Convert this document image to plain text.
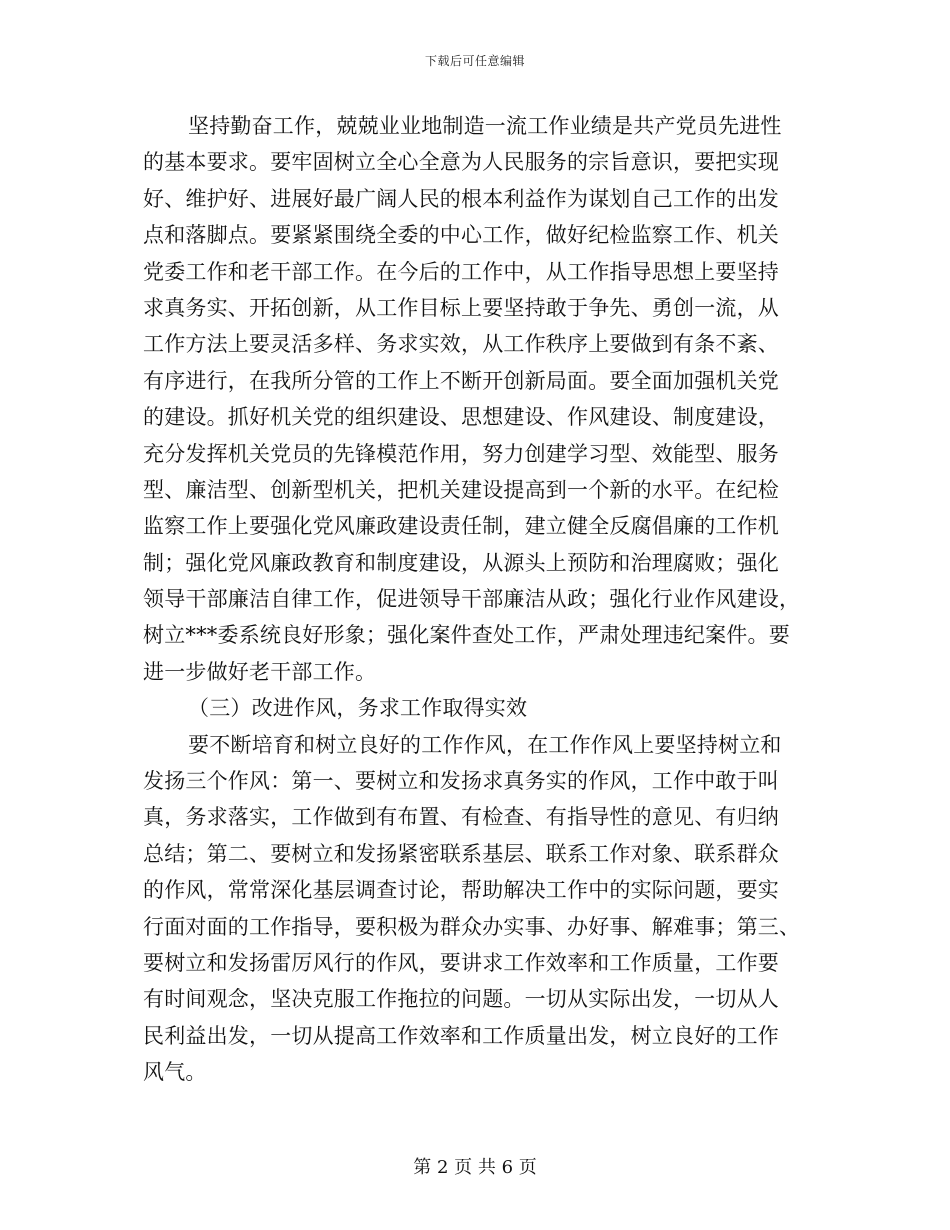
下载后可任意编辑
坚持勤奋工作，兢兢业业地制造一流工作业绩是共产党员先进性
的基本要求。要牢固树立全心全意为人民服务的宗旨意识，要把实现
好、维护好、进展好最广阔人民的根本利益作为谋划自己工作的出发
点和落脚点。要紧紧围绕全委的中心工作，做好纪检监察工作、机关
党委工作和老干部工作。在今后的工作中，从工作指导思想上要坚持
求真务实、开拓创新，从工作目标上要坚持敢于争先、勇创一流，从
工作方法上要灵活多样、务求实效，从工作秩序上要做到有条不紊、
有序进行，在我所分管的工作上不断开创新局面。要全面加强机关党
的建设。抓好机关党的组织建设、思想建设、作风建设、制度建设，
充分发挥机关党员的先锋模范作用，努力创建学习型、效能型、服务
型、廉洁型、创新型机关，把机关建设提高到一个新的水平。在纪检
监察工作上要强化党风廉政建设责任制，建立健全反腐倡廉的工作机
制；强化党风廉政教育和制度建设，从源头上预防和治理腐败；强化
领导干部廉洁自律工作，促进领导干部廉洁从政；强化行业作风建设，
树立***委系统良好形象；强化案件查处工作，严肃处理违纪案件。要
进一步做好老干部工作。
（三）改进作风，务求工作取得实效
要不断培育和树立良好的工作作风，在工作作风上要坚持树立和
发扬三个作风：第一、要树立和发扬求真务实的作风，工作中敢于叫
真，务求落实，工作做到有布置、有检查、有指导性的意见、有归纳
总结；第二、要树立和发扬紧密联系基层、联系工作对象、联系群众
的作风，常常深化基层调查讨论，帮助解决工作中的实际问题，要实
行面对面的工作指导，要积极为群众办实事、办好事、解难事；第三、
要树立和发扬雷厉风行的作风，要讲求工作效率和工作质量，工作要
有时间观念，坚决克服工作拖拉的问题。一切从实际出发，一切从人
民利益出发，一切从提高工作效率和工作质量出发，树立良好的工作
风气。
第 2 页 共 6 页
